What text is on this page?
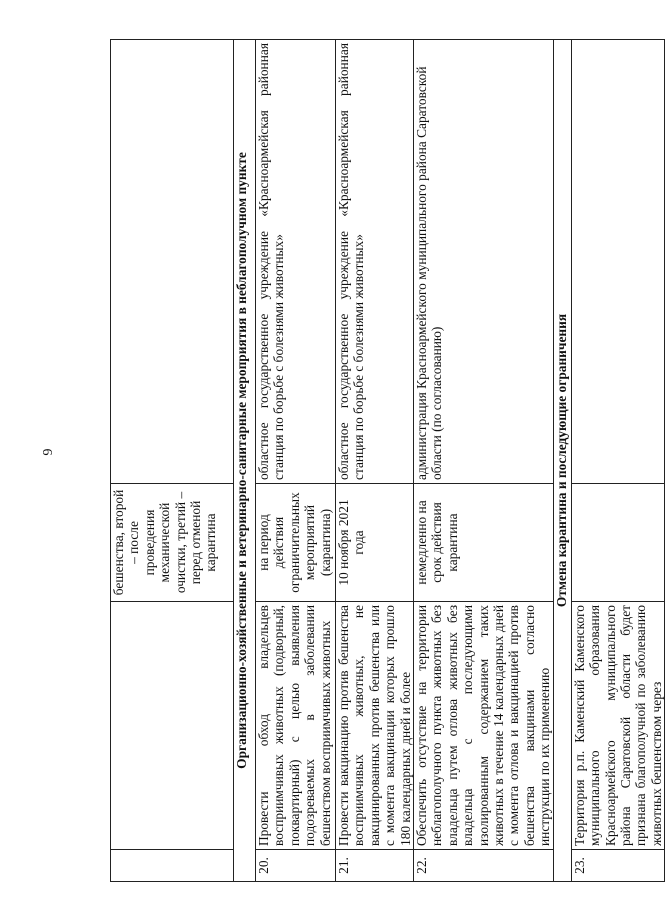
6
		бешенства, второй – после проведения механической очистки, третий – перед отменой карантина	
Организационно-хозяйственные и ветеринарно-санитарные мероприятия в неблагополучном пункте			
20.	Провести обход владельцев восприимчивых животных (подворный, поквартирный) с целью выявления подозреваемых в заболевании бешенством восприимчивых животных	на период действия ограничительных мероприятий (карантина)	областное государственное учреждение «Красноармейская районная станция по борьбе с болезнями животных»
21.	Провести вакцинацию против бешенства восприимчивых животных, не вакцинированных против бешенства или с момента вакцинации которых прошло 180 календарных дней и более	10 ноября 2021 года	областное государственное учреждение «Красноармейская районная станция по борьбе с болезнями животных»
22.	Обеспечить отсутствие на территории неблагополучного пункта животных без владельца путем отлова животных без владельца с последующими изолированным содержанием таких животных в течение 14 календарных дней с момента отлова и вакцинацией против бешенства вакцинами согласно инструкции по их применению	немедленно на срок действия карантина	администрация Красноармейского муниципального района Саратовской области (по согласованию)
Отмена карантина и последующие ограничения			
23.	Территория р.п. Каменский Каменского муниципального образования Красноармейского муниципального района Саратовской области будет признана благополучной по заболеванию животных бешенством через		
